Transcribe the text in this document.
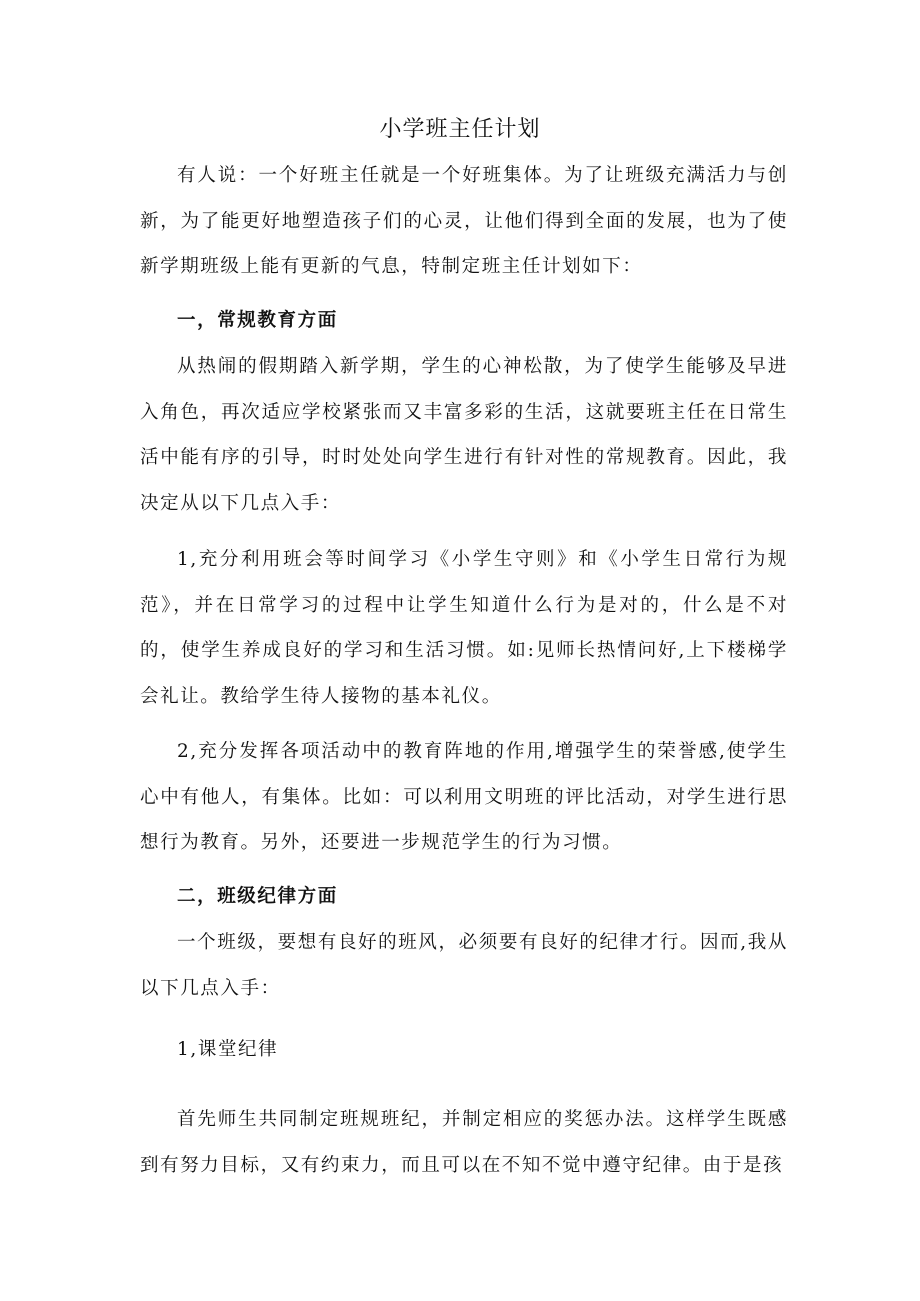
小学班主任计划

有人说：一个好班主任就是一个好班集体。为了让班级充满活力与创新，为了能更好地塑造孩子们的心灵，让他们得到全面的发展，也为了使新学期班级上能有更新的气息，特制定班主任计划如下：

一，常规教育方面

从热闹的假期踏入新学期，学生的心神松散，为了使学生能够及早进入角色，再次适应学校紧张而又丰富多彩的生活，这就要班主任在日常生活中能有序的引导，时时处处向学生进行有针对性的常规教育。因此，我决定从以下几点入手：

1,充分利用班会等时间学习《小学生守则》和《小学生日常行为规范》，并在日常学习的过程中让学生知道什么行为是对的，什么是不对的，使学生养成良好的学习和生活习惯。如:见师长热情问好,上下楼梯学会礼让。教给学生待人接物的基本礼仪。

2,充分发挥各项活动中的教育阵地的作用,增强学生的荣誉感,使学生心中有他人，有集体。比如：可以利用文明班的评比活动，对学生进行思想行为教育。另外，还要进一步规范学生的行为习惯。

二，班级纪律方面

一个班级，要想有良好的班风，必须要有良好的纪律才行。因而,我从以下几点入手：

1,课堂纪律

首先师生共同制定班规班纪，并制定相应的奖惩办法。这样学生既感到有努力目标，又有约束力，而且可以在不知不觉中遵守纪律。由于是孩
